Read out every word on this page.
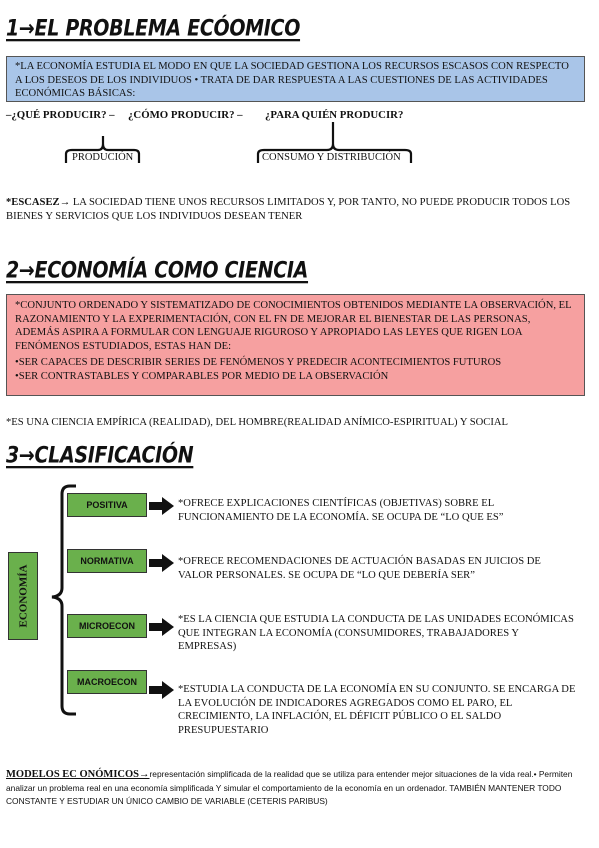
1→EL PROBLEMA ECÓOMICO
*LA ECONOMÍA ESTUDIA EL MODO EN QUE LA SOCIEDAD GESTIONA LOS RECURSOS ESCASOS CON RESPECTO A LOS DESEOS DE LOS INDIVIDUOS • TRATA DE DAR RESPUESTA A LAS CUESTIONES DE LAS ACTIVIDADES ECONÓMICAS BÁSICAS:
–¿QUÉ PRODUCIR? – ¿CÓMO PRODUCIR? – ¿PARA QUIÉN PRODUCIR?
PRODUCIÓN	CONSUMO Y DISTRIBUCIÓN
*ESCASEZ→ LA SOCIEDAD TIENE UNOS RECURSOS LIMITADOS Y, POR TANTO, NO PUEDE PRODUCIR TODOS LOS BIENES Y SERVICIOS QUE LOS INDIVIDUOS DESEAN TENER
2→ECONOMÍA COMO CIENCIA
*CONJUNTO ORDENADO Y SISTEMATIZADO DE CONOCIMIENTOS OBTENIDOS MEDIANTE LA OBSERVACIÓN, EL RAZONAMIENTO Y LA EXPERIMENTACIÓN, CON EL FN DE MEJORAR EL BIENESTAR DE LAS PERSONAS, ADEMÁS ASPIRA A FORMULAR CON LENGUAJE RIGUROSO Y APROPIADO LAS LEYES QUE RIGEN LOA FENÓMENOS ESTUDIADOS, ESTAS HAN DE:
•SER CAPACES DE DESCRIBIR SERIES DE FENÓMENOS Y PREDECIR ACONTECIMIENTOS FUTUROS
•SER CONTRASTABLES Y COMPARABLES POR MEDIO DE LA OBSERVACIÓN
*ES UNA CIENCIA EMPÍRICA (REALIDAD), DEL HOMBRE(REALIDAD ANÍMICO-ESPIRITUAL) Y SOCIAL
3→CLASIFICACIÓN
ECONOMÍA
POSITIVA
NORMATIVA
MICROECON
MACROECON
*OFRECE EXPLICACIONES CIENTÍFICAS (OBJETIVAS) SOBRE EL FUNCIONAMIENTO DE LA ECONOMÍA. SE OCUPA DE “LO QUE ES”
*OFRECE RECOMENDACIONES DE ACTUACIÓN BASADAS EN JUICIOS DE VALOR PERSONALES. SE OCUPA DE “LO QUE DEBERÍA SER”
*ES LA CIENCIA QUE ESTUDIA LA CONDUCTA DE LAS UNIDADES ECONÓMICAS QUE INTEGRAN LA ECONOMÍA (CONSUMIDORES, TRABAJADORES Y EMPRESAS)
*ESTUDIA LA CONDUCTA DE LA ECONOMÍA EN SU CONJUNTO. SE ENCARGA DE LA EVOLUCIÓN DE INDICADORES AGREGADOS COMO EL PARO, EL CRECIMIENTO, LA INFLACIÓN, EL DÉFICIT PÚBLICO O EL SALDO PRESUPUESTARIO
MODELOS EC ONÓMICOS→representación simplificada de la realidad que se utiliza para entender mejor situaciones de la vida real.• Permiten analizar un problema real en una economía simplificada Y simular el comportamiento de la economía en un ordenador. TAMBIÉN MANTENER TODO CONSTANTE Y ESTUDIAR UN ÚNICO CAMBIO DE VARIABLE (CETERIS PARIBUS)
